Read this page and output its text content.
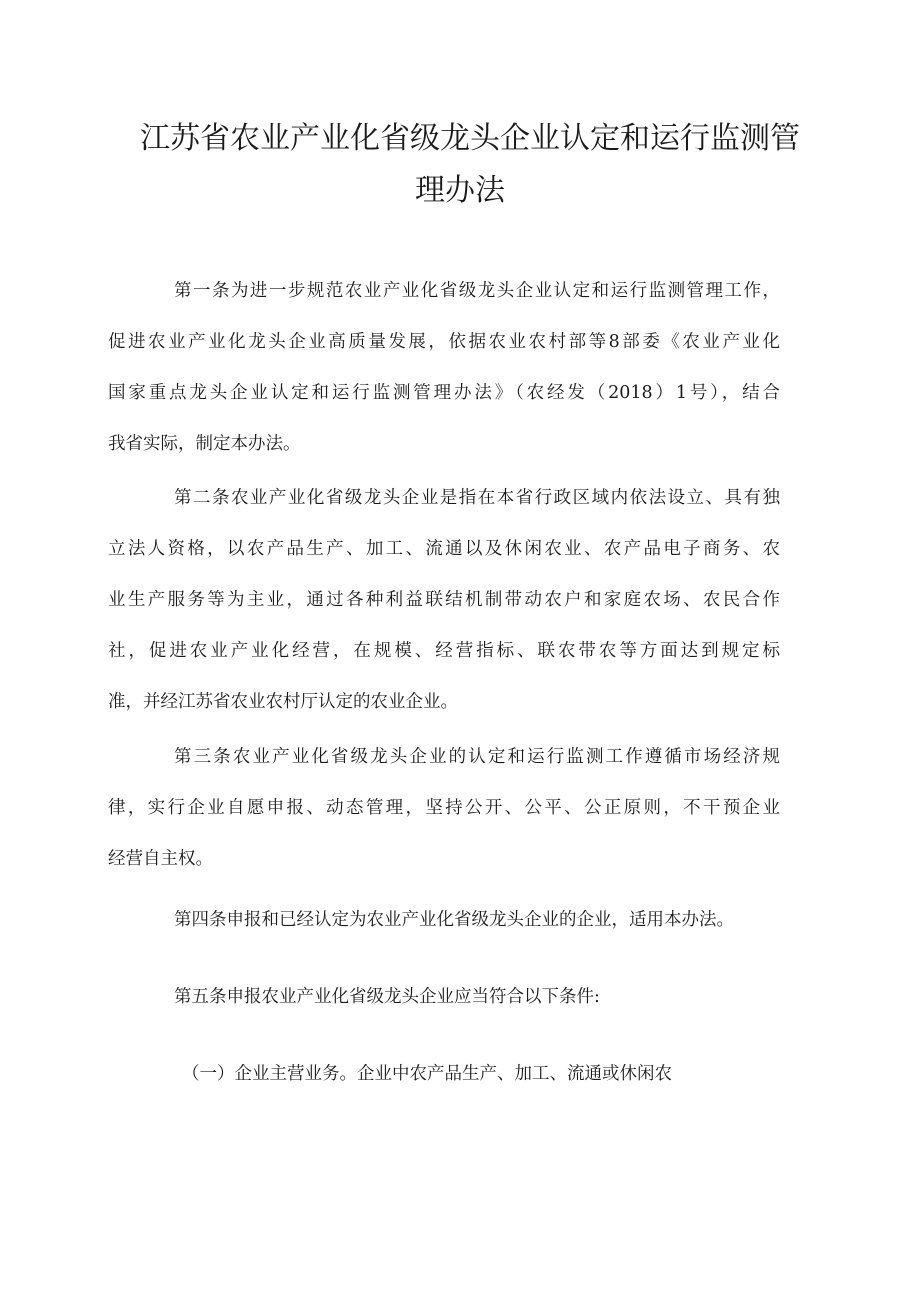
江苏省农业产业化省级龙头企业认定和运行监测管
理办法

第一条为进一步规范农业产业化省级龙头企业认定和运行监测管理工作，
促进农业产业化龙头企业高质量发展，依据农业农村部等8部委《农业产业化
国家重点龙头企业认定和运行监测管理办法》（农经发（2018）1号），结合
我省实际，制定本办法。

第二条农业产业化省级龙头企业是指在本省行政区域内依法设立、具有独
立法人资格，以农产品生产、加工、流通以及休闲农业、农产品电子商务、农
业生产服务等为主业，通过各种利益联结机制带动农户和家庭农场、农民合作
社，促进农业产业化经营，在规模、经营指标、联农带农等方面达到规定标
准，并经江苏省农业农村厅认定的农业企业。

第三条农业产业化省级龙头企业的认定和运行监测工作遵循市场经济规
律，实行企业自愿申报、动态管理，坚持公开、公平、公正原则，不干预企业
经营自主权。

第四条申报和已经认定为农业产业化省级龙头企业的企业，适用本办法。

第五条申报农业产业化省级龙头企业应当符合以下条件:

（一）企业主营业务。企业中农产品生产、加工、流通或休闲农
